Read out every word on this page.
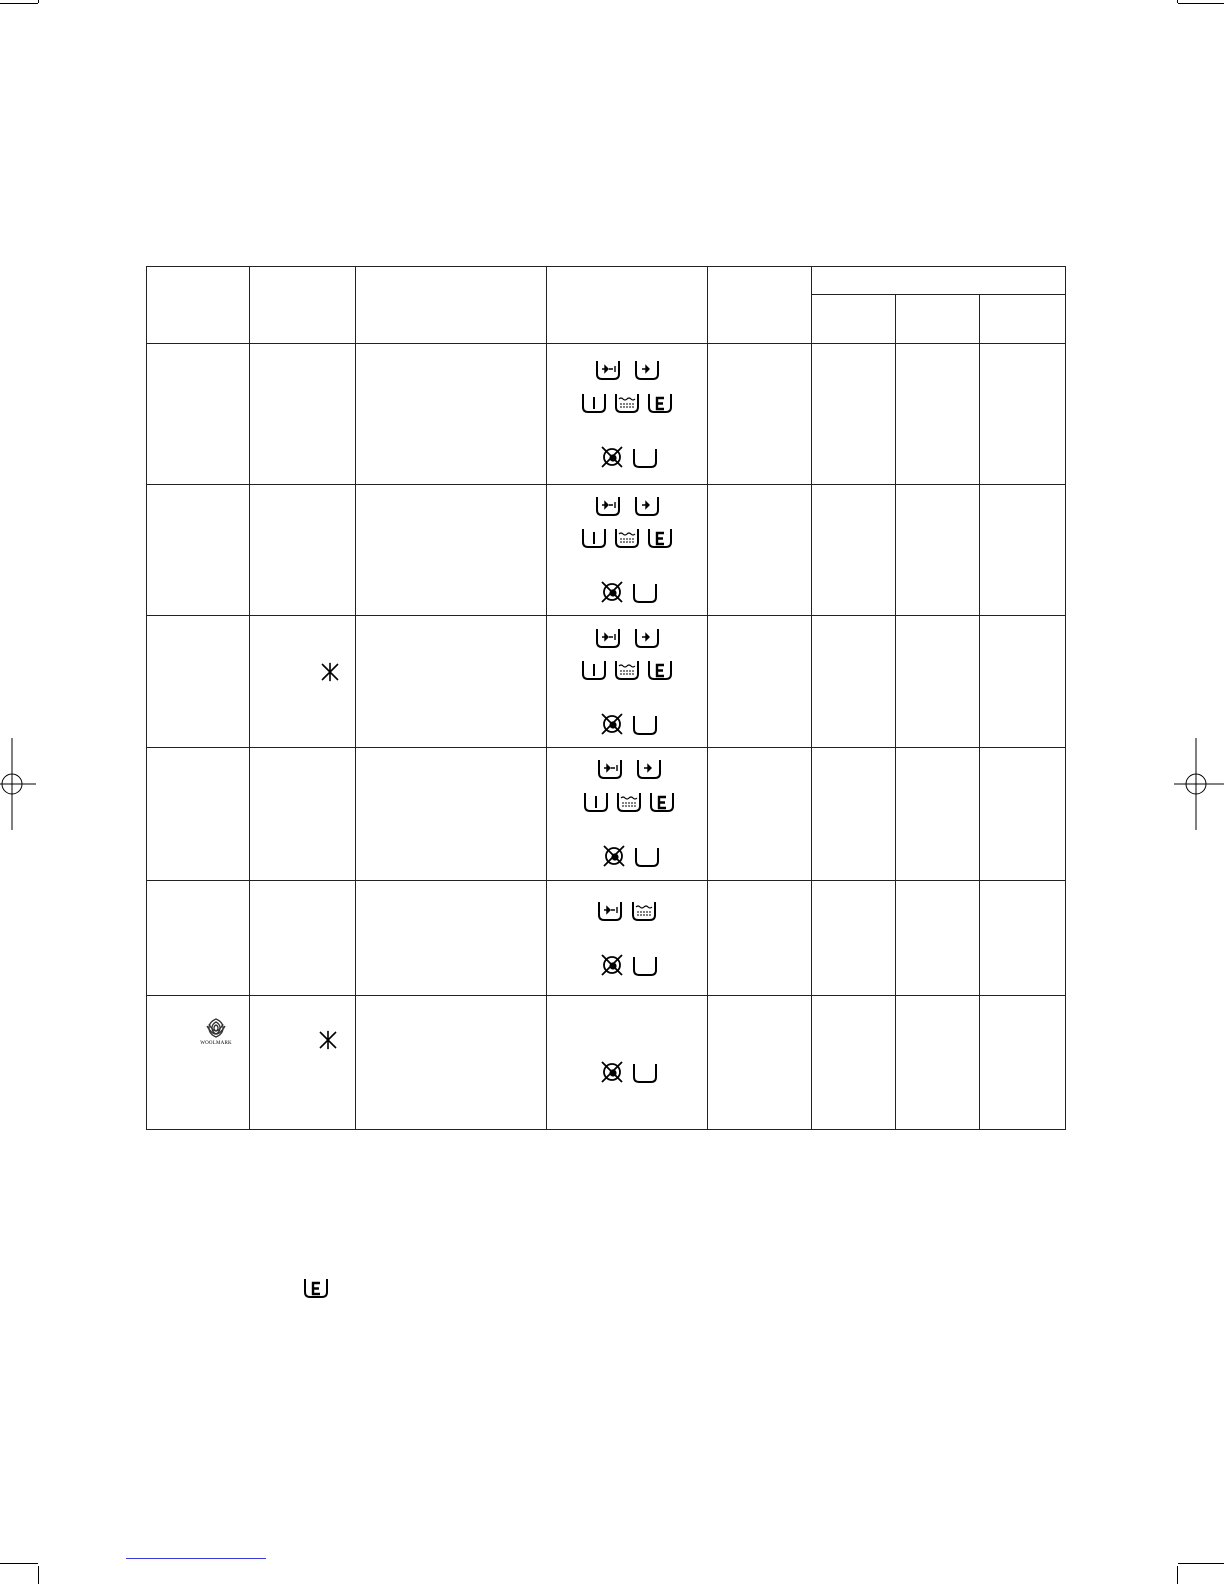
WOOLMARK
